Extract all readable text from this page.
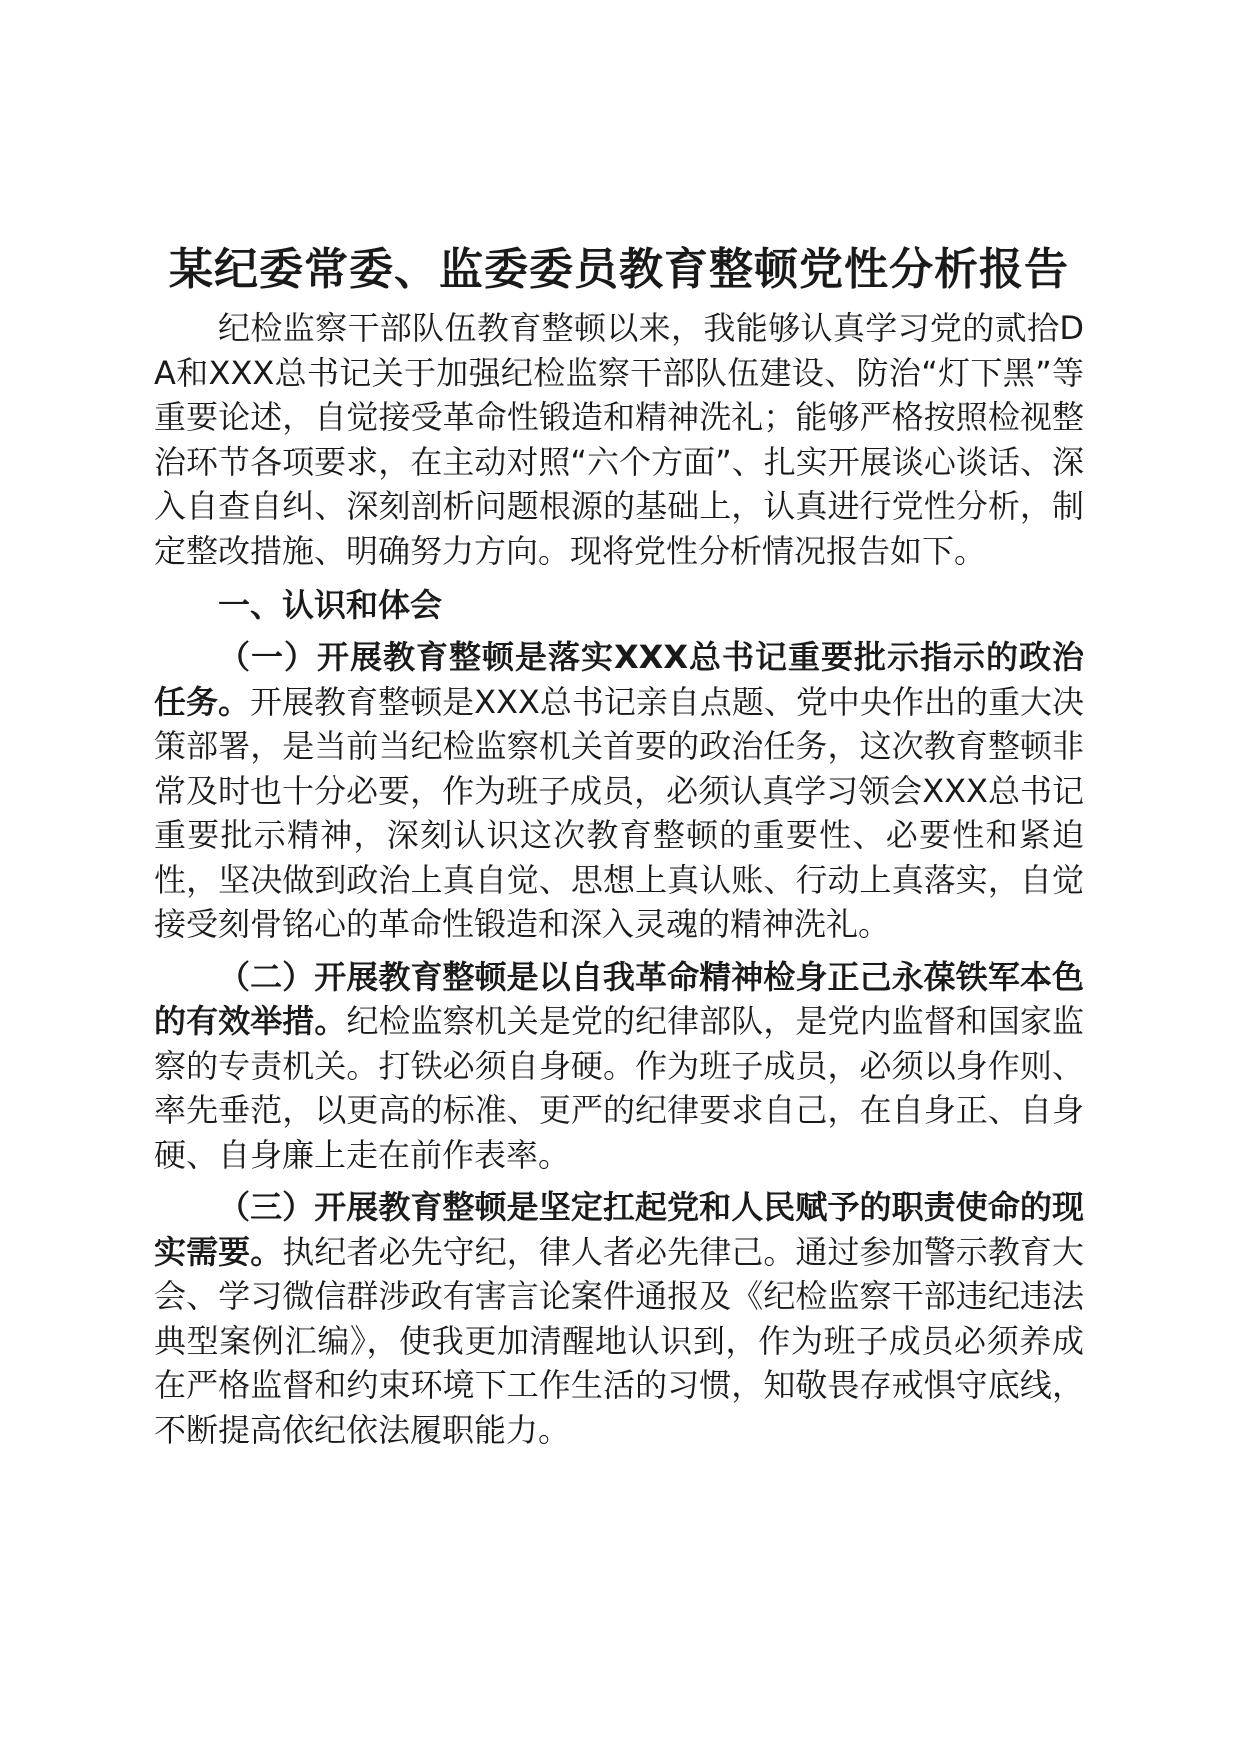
某纪委常委、监委委员教育整顿党性分析报告

纪检监察干部队伍教育整顿以来，我能够认真学习党的贰拾DA和XXX总书记关于加强纪检监察干部队伍建设、防治“灯下黑”等重要论述，自觉接受革命性锻造和精神洗礼；能够严格按照检视整治环节各项要求，在主动对照“六个方面”、扎实开展谈心谈话、深入自查自纠、深刻剖析问题根源的基础上，认真进行党性分析，制定整改措施、明确努力方向。现将党性分析情况报告如下。

一、认识和体会

（一）开展教育整顿是落实XXX总书记重要批示指示的政治任务。开展教育整顿是XXX总书记亲自点题、党中央作出的重大决策部署，是当前当纪检监察机关首要的政治任务，这次教育整顿非常及时也十分必要，作为班子成员，必须认真学习领会XXX总书记重要批示精神，深刻认识这次教育整顿的重要性、必要性和紧迫性，坚决做到政治上真自觉、思想上真认账、行动上真落实，自觉接受刻骨铭心的革命性锻造和深入灵魂的精神洗礼。

（二）开展教育整顿是以自我革命精神检身正己永葆铁军本色的有效举措。纪检监察机关是党的纪律部队，是党内监督和国家监察的专责机关。打铁必须自身硬。作为班子成员，必须以身作则、率先垂范，以更高的标准、更严的纪律要求自己，在自身正、自身硬、自身廉上走在前作表率。

（三）开展教育整顿是坚定扛起党和人民赋予的职责使命的现实需要。执纪者必先守纪，律人者必先律己。通过参加警示教育大会、学习微信群涉政有害言论案件通报及《纪检监察干部违纪违法典型案例汇编》，使我更加清醒地认识到，作为班子成员必须养成在严格监督和约束环境下工作生活的习惯，知敬畏存戒惧守底线，不断提高依纪依法履职能力。
